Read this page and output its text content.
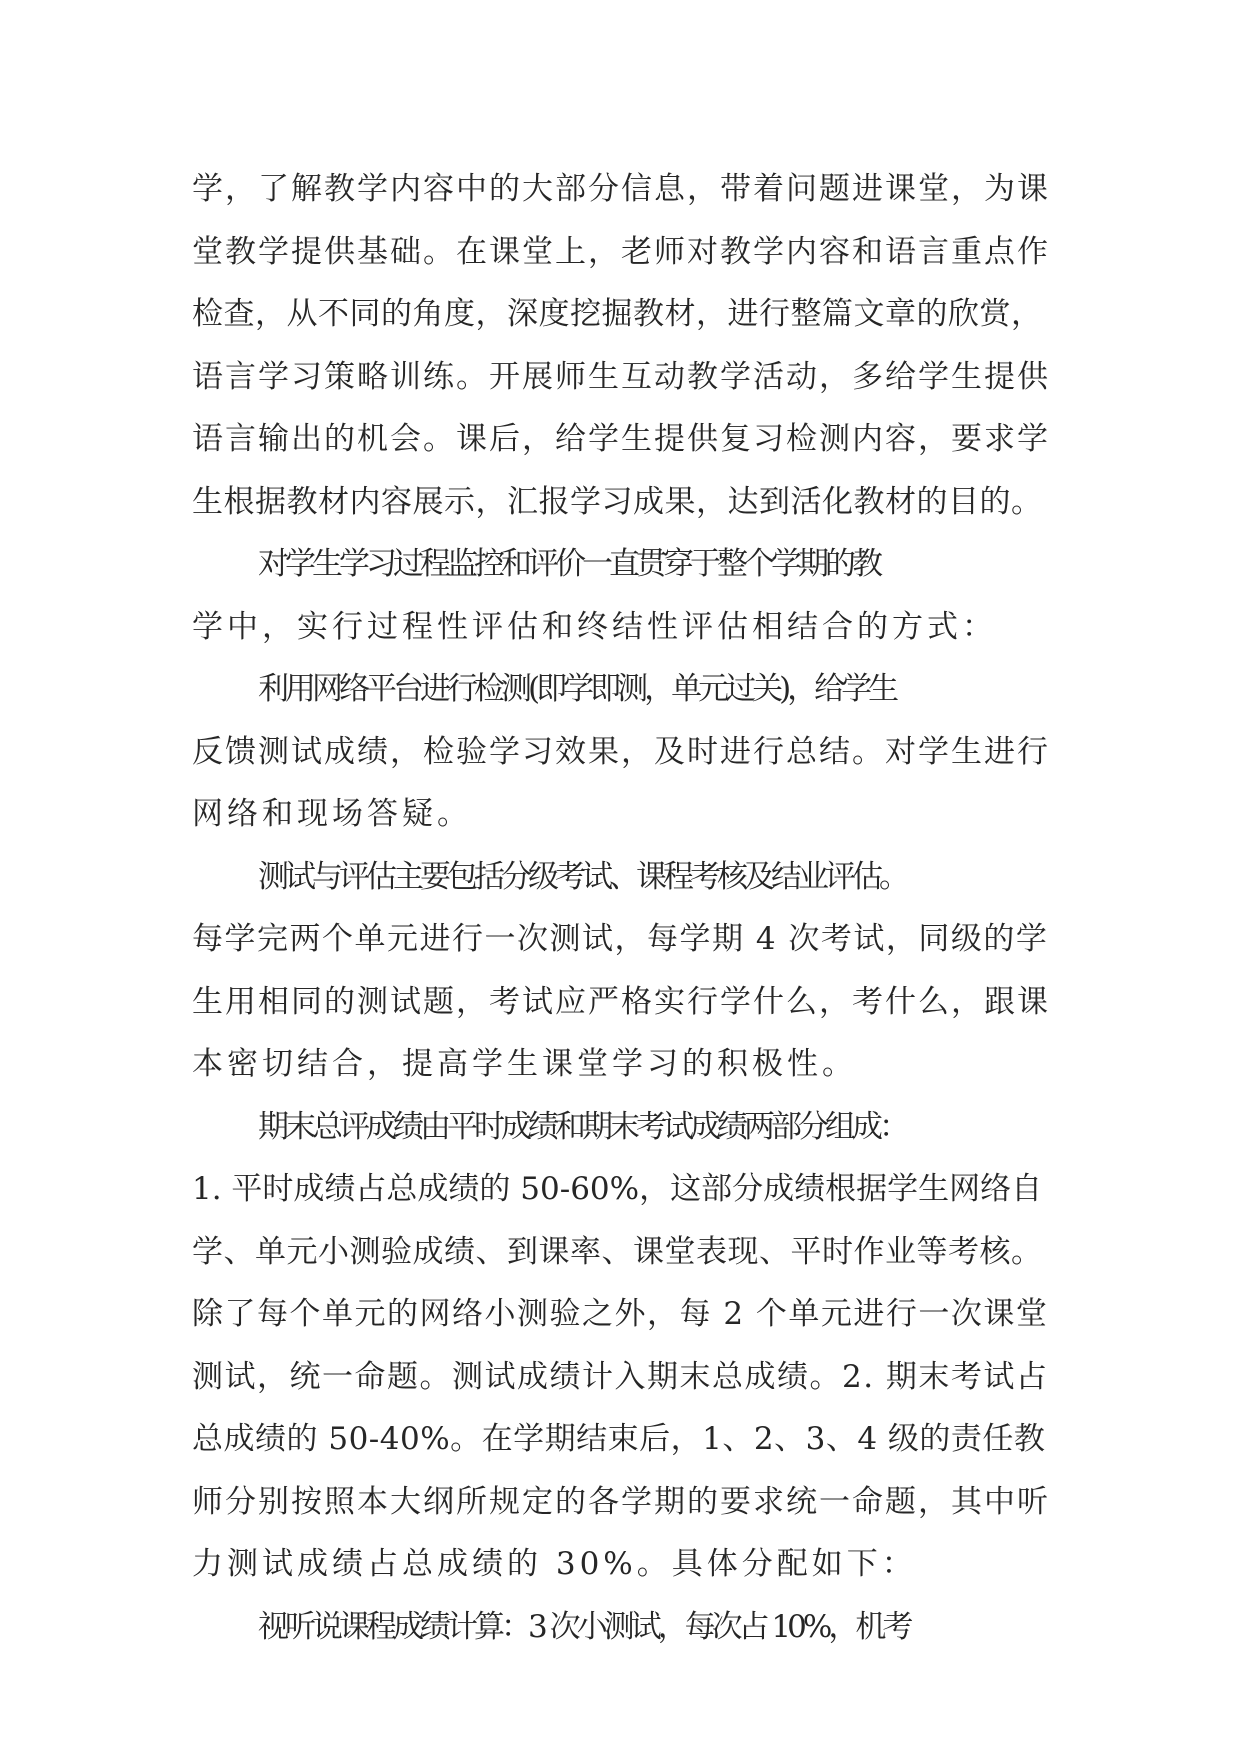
学，了解教学内容中的大部分信息，带着问题进课堂，为课
堂教学提供基础。在课堂上，老师对教学内容和语言重点作
检查，从不同的角度，深度挖掘教材，进行整篇文章的欣赏，
语言学习策略训练。开展师生互动教学活动，多给学生提供
语言输出的机会。课后，给学生提供复习检测内容，要求学
生根据教材内容展示，汇报学习成果，达到活化教材的目的。
对学生学习过程监控和评价一直贯穿于整个学期的教
学中，实行过程性评估和终结性评估相结合的方式：
利用网络平台进行检测(即学即测，单元过关)，给学生
反馈测试成绩，检验学习效果，及时进行总结。对学生进行
网络和现场答疑。
测试与评估主要包括分级考试、课程考核及结业评估。
每学完两个单元进行一次测试，每学期 4 次考试，同级的学
生用相同的测试题，考试应严格实行学什么，考什么，跟课
本密切结合，提高学生课堂学习的积极性。
期末总评成绩由平时成绩和期末考试成绩两部分组成：
1. 平时成绩占总成绩的 50-60%，这部分成绩根据学生网络自
学、单元小测验成绩、到课率、课堂表现、平时作业等考核。
除了每个单元的网络小测验之外，每 2 个单元进行一次课堂
测试，统一命题。测试成绩计入期末总成绩。2. 期末考试占
总成绩的 50-40%。在学期结束后，1、2、3、4 级的责任教
师分别按照本大纲所规定的各学期的要求统一命题，其中听
力测试成绩占总成绩的 30%。具体分配如下：
视听说课程成绩计算：3 次小测试，每次占 10%，机考
